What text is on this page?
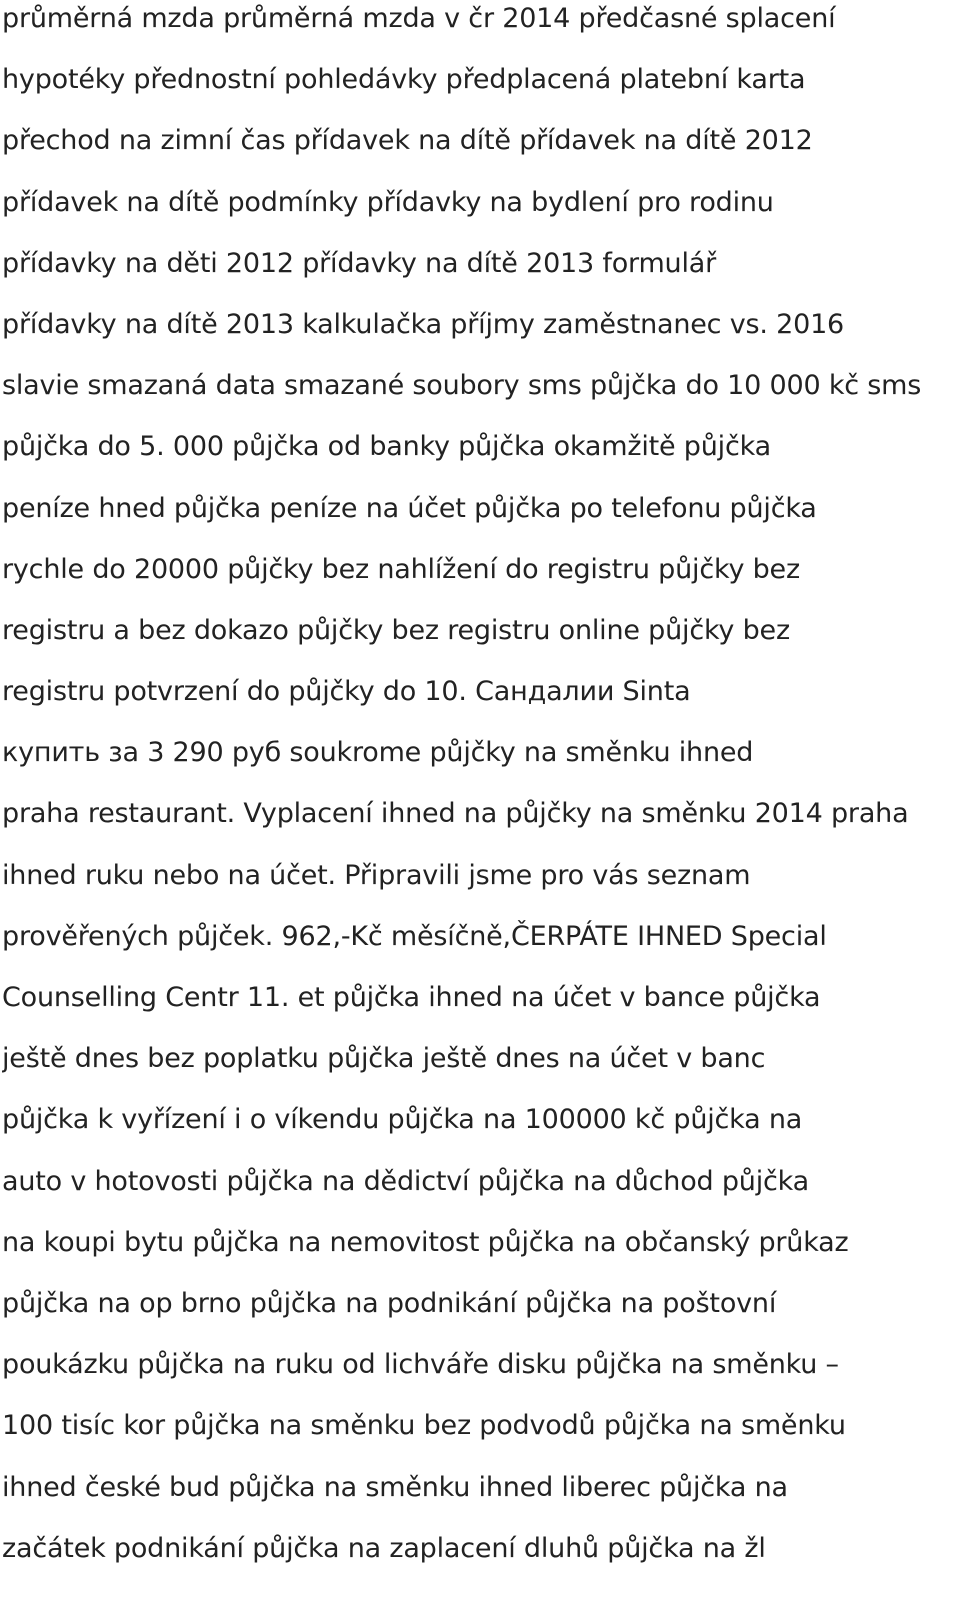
průměrná mzda průměrná mzda v čr 2014 předčasné splacení
hypotéky přednostní pohledávky předplacená platební karta
přechod na zimní čas přídavek na dítě přídavek na dítě 2012
přídavek na dítě podmínky přídavky na bydlení pro rodinu
přídavky na děti 2012 přídavky na dítě 2013 formulář
přídavky na dítě 2013 kalkulačka příjmy zaměstnanec vs. 2016
slavie smazaná data smazané soubory sms půjčka do 10 000 kč sms
půjčka do 5. 000 půjčka od banky půjčka okamžitě půjčka
peníze hned půjčka peníze na účet půjčka po telefonu půjčka
rychle do 20000 půjčky bez nahlížení do registru půjčky bez
registru a bez dokazo půjčky bez registru online půjčky bez
registru potvrzení do půjčky do 10. Сандалии Sinta
купить за 3 290 руб soukrome půjčky na směnku ihned
praha restaurant. Vyplacení ihned na půjčky na směnku 2014 praha
ihned ruku nebo na účet. Připravili jsme pro vás seznam
prověřených půjček. 962,-Kč měsíčně,ČERPÁTE IHNED Special
Counselling Centr 11. et půjčka ihned na účet v bance půjčka
ještě dnes bez poplatku půjčka ještě dnes na účet v banc
půjčka k vyřízení i o víkendu půjčka na 100000 kč půjčka na
auto v hotovosti půjčka na dědictví půjčka na důchod půjčka
na koupi bytu půjčka na nemovitost půjčka na občanský průkaz
půjčka na op brno půjčka na podnikání půjčka na poštovní
poukázku půjčka na ruku od lichváře disku půjčka na směnku –
100 tisíc kor půjčka na směnku bez podvodů půjčka na směnku
ihned české bud půjčka na směnku ihned liberec půjčka na
začátek podnikání půjčka na zaplacení dluhů půjčka na žl
